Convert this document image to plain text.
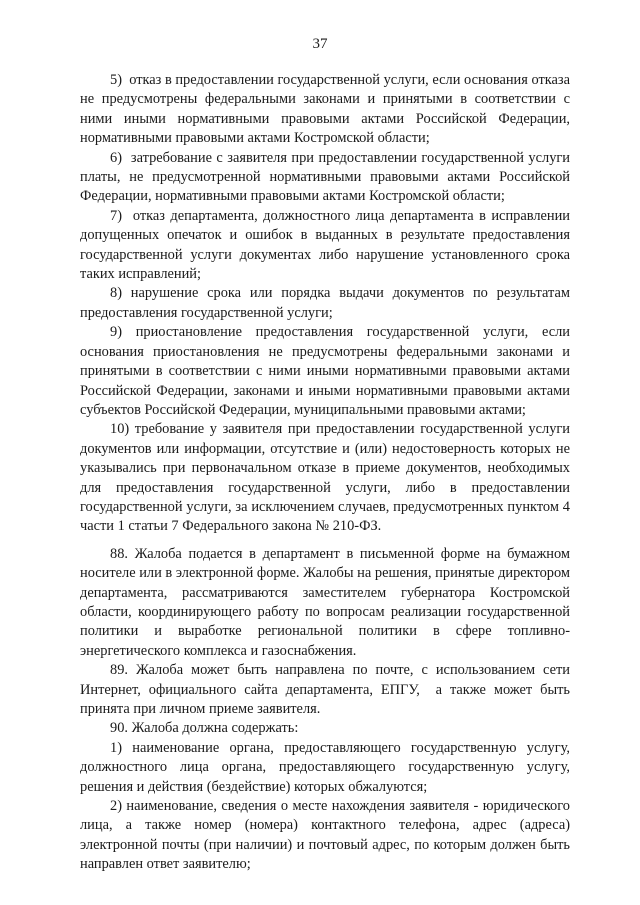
37

5)  отказ в предоставлении государственной услуги, если основания отказа не предусмотрены федеральными законами и принятыми в соответствии с ними иными нормативными правовыми актами Российской Федерации, нормативными правовыми актами Костромской области;

6)  затребование с заявителя при предоставлении государственной услуги платы, не предусмотренной нормативными правовыми актами Российской Федерации, нормативными правовыми актами Костромской области;

7)  отказ департамента, должностного лица департамента в исправлении допущенных опечаток и ошибок в выданных в результате предоставления государственной услуги документах либо нарушение установленного срока таких исправлений;

8) нарушение срока или порядка выдачи документов по результатам предоставления государственной услуги;

9) приостановление предоставления государственной услуги, если основания приостановления не предусмотрены федеральными законами и принятыми в соответствии с ними иными нормативными правовыми актами Российской Федерации, законами и иными нормативными правовыми актами субъектов Российской Федерации, муниципальными правовыми актами;

10) требование у заявителя при предоставлении государственной услуги документов или информации, отсутствие и (или) недостоверность которых не указывались при первоначальном отказе в приеме документов, необходимых для предоставления государственной услуги, либо в предоставлении государственной услуги, за исключением случаев, предусмотренных пунктом 4 части 1 статьи 7 Федерального закона № 210-ФЗ.

88. Жалоба подается в департамент в письменной форме на бумажном носителе или в электронной форме. Жалобы на решения, принятые директором департамента, рассматриваются заместителем губернатора Костромской области, координирующего работу по вопросам реализации государственной политики и выработке региональной политики в сфере топливно-энергетического комплекса и газоснабжения.

89. Жалоба может быть направлена по почте, с использованием сети Интернет, официального сайта департамента, ЕПГУ,  а также может быть принята при личном приеме заявителя.

90. Жалоба должна содержать:

1) наименование органа, предоставляющего государственную услугу, должностного лица органа, предоставляющего государственную услугу, решения и действия (бездействие) которых обжалуются;

2) наименование, сведения о месте нахождения заявителя - юридического лица, а также номер (номера) контактного телефона, адрес (адреса) электронной почты (при наличии) и почтовый адрес, по которым должен быть направлен ответ заявителю;
